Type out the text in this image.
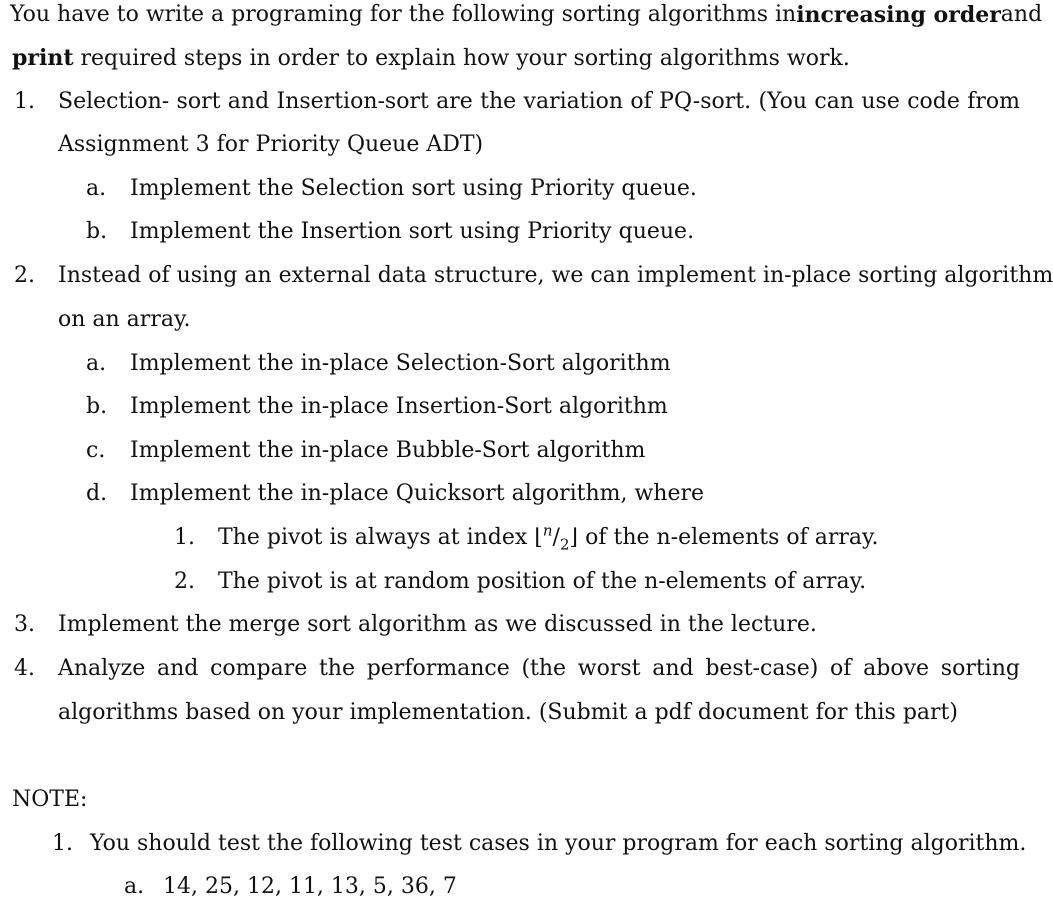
You have to write a programing for the following sorting algorithms in increasing order and
print required steps in order to explain how your sorting algorithms work.
1. Selection- sort and Insertion-sort are the variation of PQ-sort. (You can use code from
Assignment 3 for Priority Queue ADT)
a. Implement the Selection sort using Priority queue.
b. Implement the Insertion sort using Priority queue.
2. Instead of using an external data structure, we can implement in-place sorting algorithm
on an array.
a. Implement the in-place Selection-Sort algorithm
b. Implement the in-place Insertion-Sort algorithm
c. Implement the in-place Bubble-Sort algorithm
d. Implement the in-place Quicksort algorithm, where
1. The pivot is always at index $⌊^n/_2⌋$ of the n-elements of array.
2. The pivot is at random position of the n-elements of array.
3. Implement the merge sort algorithm as we discussed in the lecture.
4. Analyze and compare the performance (the worst and best-case) of above sorting
algorithms based on your implementation. (Submit a pdf document for this part)
NOTE:
1. You should test the following test cases in your program for each sorting algorithm.
a. 14, 25, 12, 11, 13, 5, 36, 7
